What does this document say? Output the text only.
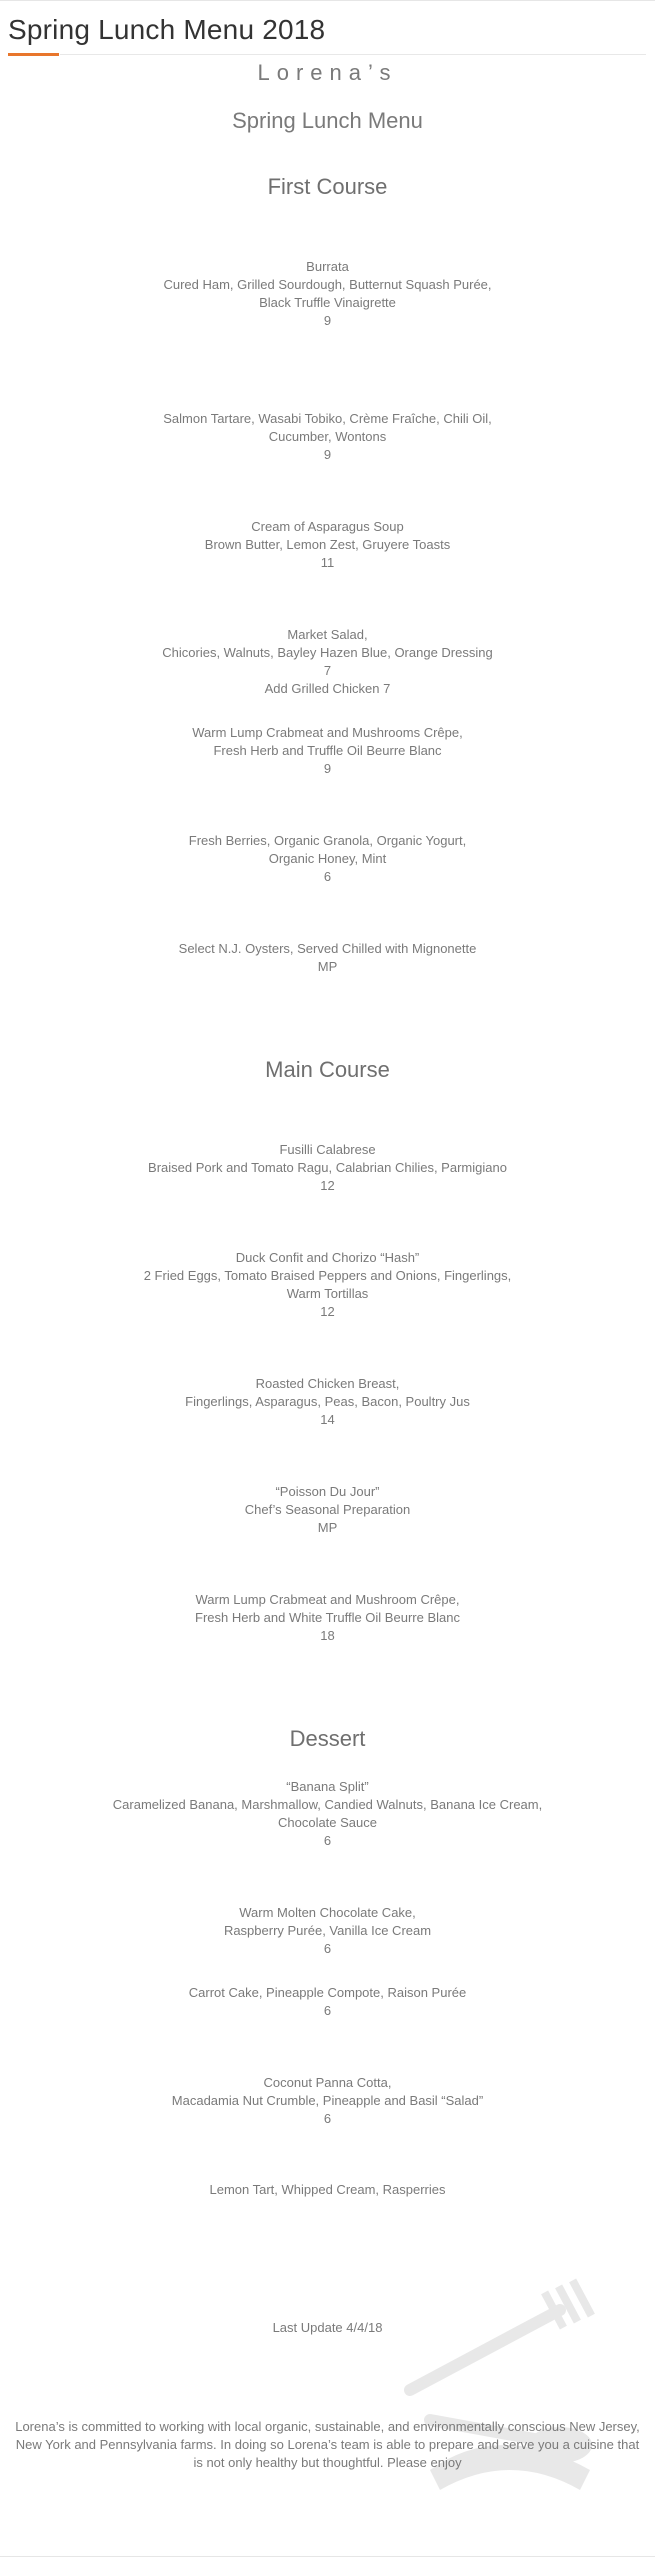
Spring Lunch Menu 2018
Lorena’s
Spring Lunch Menu
First Course
Burrata
Cured Ham, Grilled Sourdough, Butternut Squash Purée,
Black Truffle Vinaigrette
9
Salmon Tartare, Wasabi Tobiko, Crème Fraîche, Chili Oil,
Cucumber, Wontons
9
Cream of Asparagus Soup
Brown Butter, Lemon Zest, Gruyere Toasts
11
Market Salad,
Chicories, Walnuts, Bayley Hazen Blue, Orange Dressing
7
Add Grilled Chicken 7
Warm Lump Crabmeat and Mushrooms Crêpe,
Fresh Herb and Truffle Oil Beurre Blanc
9
Fresh Berries, Organic Granola, Organic Yogurt,
Organic Honey, Mint
6
Select N.J. Oysters, Served Chilled with Mignonette
MP
Main Course
Fusilli Calabrese
Braised Pork and Tomato Ragu, Calabrian Chilies, Parmigiano
12
Duck Confit and Chorizo “Hash”
2 Fried Eggs, Tomato Braised Peppers and Onions, Fingerlings,
Warm Tortillas
12
Roasted Chicken Breast,
Fingerlings, Asparagus, Peas, Bacon, Poultry Jus
14
“Poisson Du Jour”
Chef’s Seasonal Preparation
MP
Warm Lump Crabmeat and Mushroom Crêpe,
Fresh Herb and White Truffle Oil Beurre Blanc
18
Dessert
“Banana Split”
Caramelized Banana, Marshmallow, Candied Walnuts, Banana Ice Cream,
Chocolate Sauce
6
Warm Molten Chocolate Cake,
Raspberry Purée, Vanilla Ice Cream
6
Carrot Cake, Pineapple Compote, Raison Purée
6
Coconut Panna Cotta,
Macadamia Nut Crumble, Pineapple and Basil “Salad”
6
Lemon Tart, Whipped Cream, Rasperries
Last Update 4/4/18
Lorena’s is committed to working with local organic, sustainable, and environmentally conscious New Jersey, New York and Pennsylvania farms. In doing so Lorena’s team is able to prepare and serve you a cuisine that is not only healthy but thoughtful. Please enjoy
